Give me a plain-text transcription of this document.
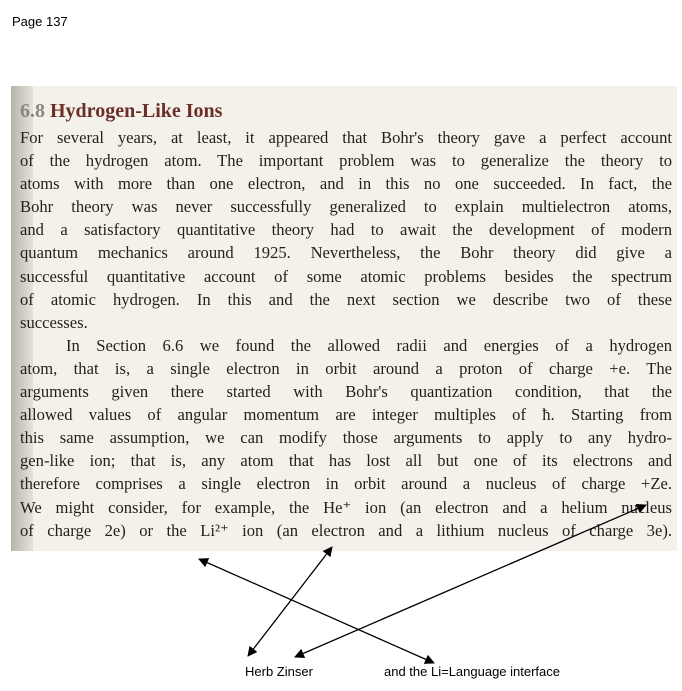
Page 137
6.8 Hydrogen-Like Ions
For several years, at least, it appeared that Bohr's theory gave a perfect account
of the hydrogen atom. The important problem was to generalize the theory to
atoms with more than one electron, and in this no one succeeded. In fact, the
Bohr theory was never successfully generalized to explain multielectron atoms,
and a satisfactory quantitative theory had to await the development of modern
quantum mechanics around 1925. Nevertheless, the Bohr theory did give a
successful quantitative account of some atomic problems besides the spectrum
of atomic hydrogen. In this and the next section we describe two of these
successes.
In Section 6.6 we found the allowed radii and energies of a hydrogen
atom, that is, a single electron in orbit around a proton of charge +e. The
arguments given there started with Bohr's quantization condition, that the
allowed values of angular momentum are integer multiples of ħ. Starting from
this same assumption, we can modify those arguments to apply to any hydro-
gen-like ion; that is, any atom that has lost all but one of its electrons and
therefore comprises a single electron in orbit around a nucleus of charge +Ze.
We might consider, for example, the He⁺ ion (an electron and a helium nucleus
of charge 2e) or the Li²⁺ ion (an electron and a lithium nucleus of charge 3e).
Herb Zinser	and the Li=Language interface
